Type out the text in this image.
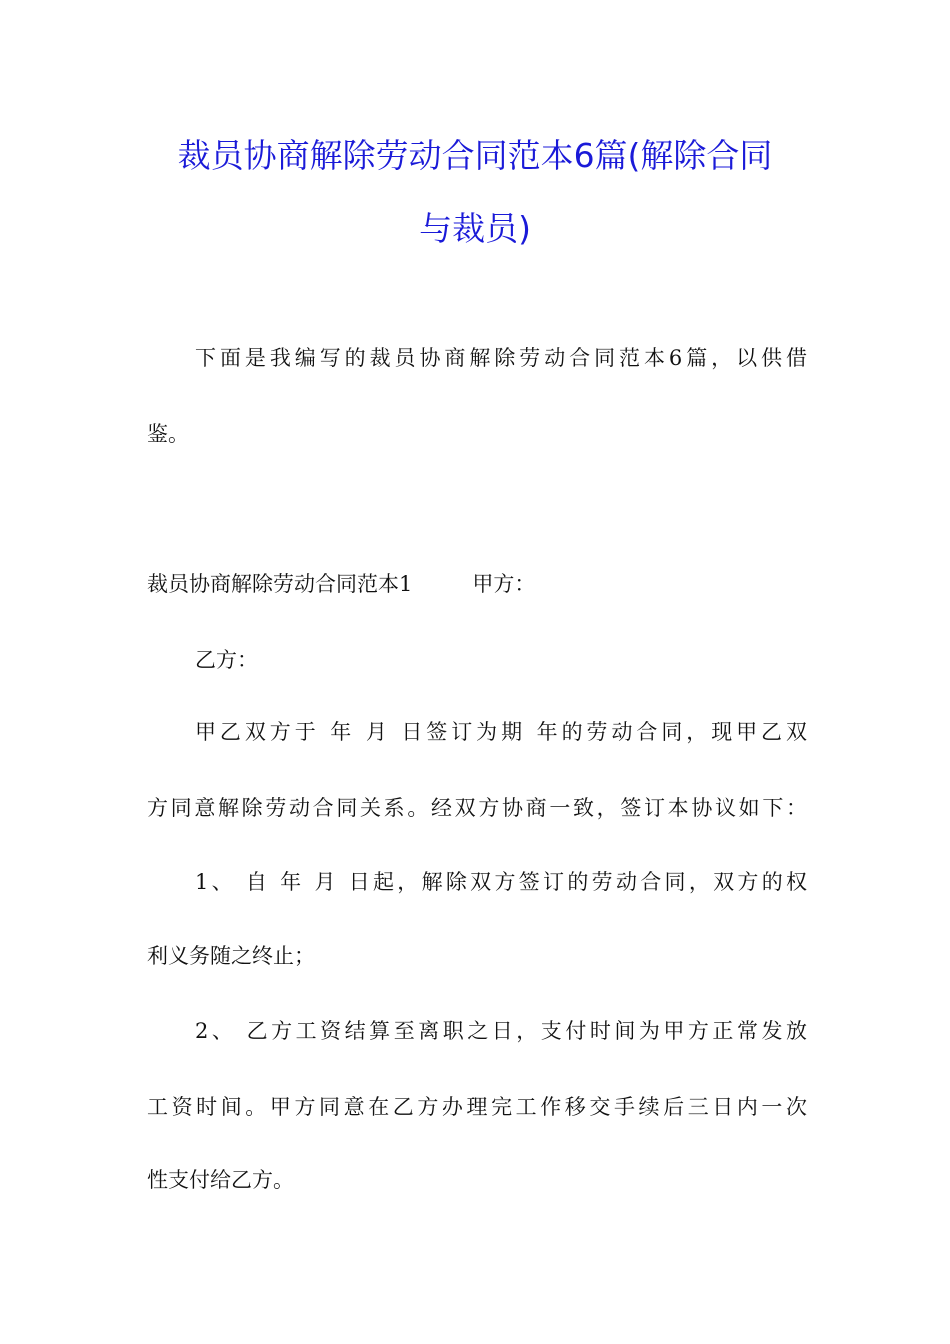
裁员协商解除劳动合同范本6篇(解除合同
与裁员)
下面是我编写的裁员协商解除劳动合同范本6篇，以供借
鉴。
裁员协商解除劳动合同范本1	甲方：
乙方：
甲乙双方于 年 月 日签订为期 年的劳动合同，现甲乙双
方同意解除劳动合同关系。经双方协商一致，签订本协议如下：
1、 自 年 月 日起，解除双方签订的劳动合同，双方的权
利义务随之终止；
2、 乙方工资结算至离职之日，支付时间为甲方正常发放
工资时间。甲方同意在乙方办理完工作移交手续后三日内一次
性支付给乙方。
